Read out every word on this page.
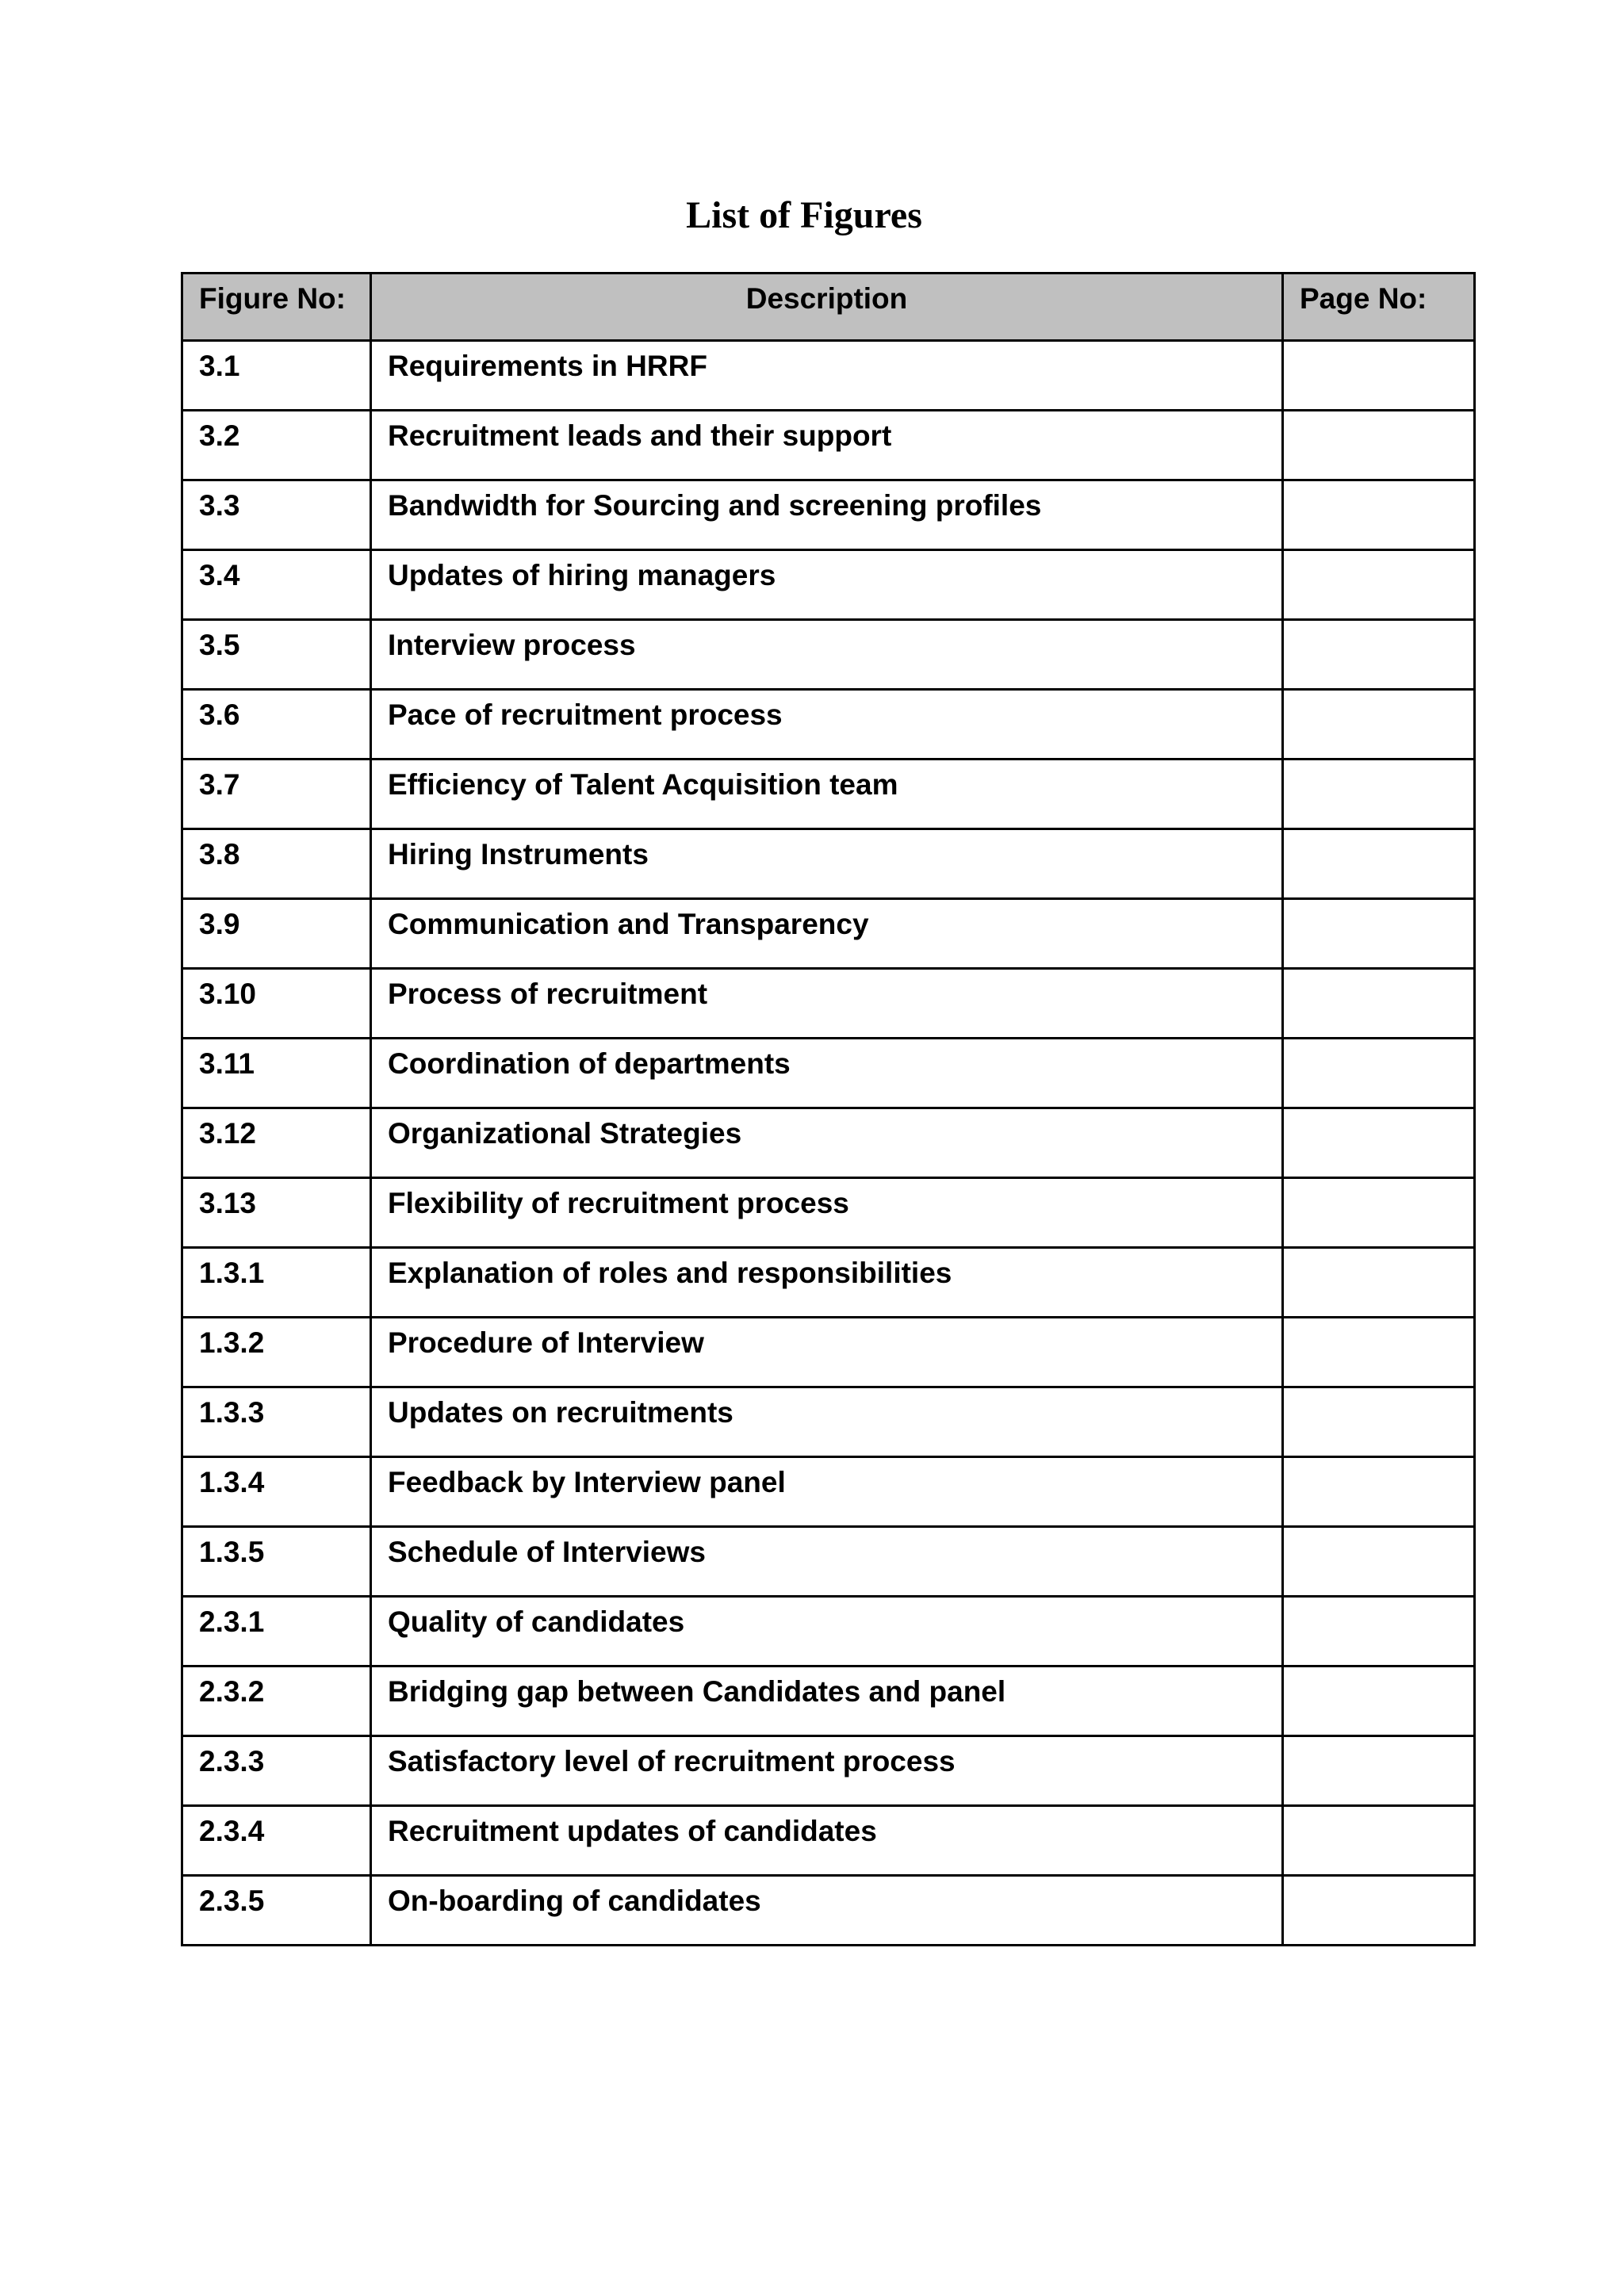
List of Figures
Figure No:	Description	Page No:
3.1	Requirements in HRRF	
3.2	Recruitment leads and their support	
3.3	Bandwidth for Sourcing and screening profiles	
3.4	Updates of hiring managers	
3.5	Interview process	
3.6	Pace of recruitment process	
3.7	Efficiency of Talent Acquisition team	
3.8	Hiring Instruments	
3.9	Communication and Transparency	
3.10	Process of recruitment	
3.11	Coordination of departments	
3.12	Organizational Strategies	
3.13	Flexibility of recruitment process	
1.3.1	Explanation of roles and responsibilities	
1.3.2	Procedure of Interview	
1.3.3	Updates on recruitments	
1.3.4	Feedback by Interview panel	
1.3.5	Schedule of Interviews	
2.3.1	Quality of candidates	
2.3.2	Bridging gap between Candidates and panel	
2.3.3	Satisfactory level of recruitment process	
2.3.4	Recruitment updates of candidates	
2.3.5	On-boarding of candidates	
